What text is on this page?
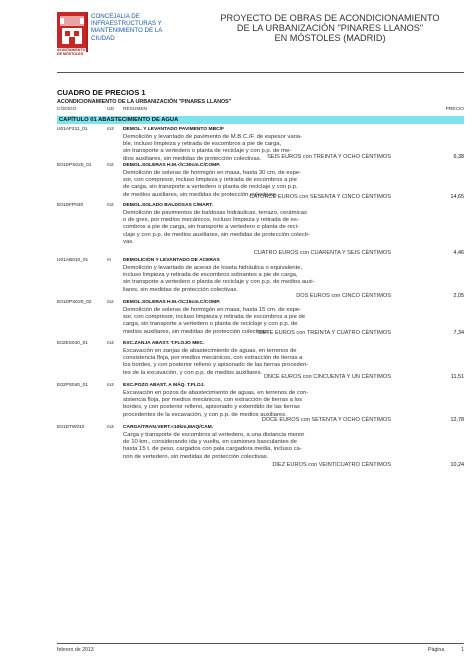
AYUNTAMIENTO DE MÓSTOLES
CONCEJALIA DE INFRAESTRUCTURAS Y MANTENIMIENTO DE LA CIUDAD
PROYECTO DE OBRAS DE ACONDICIONAMIENTO
DE LA URBANIZACIÓN "PINARES LLANOS"
EN MÓSTOLES (MADRID)
CUADRO DE PRECIOS 1
ACONDICIONAMIENTO DE LA URBANIZACIÓN "PINARES LLANOS"
CÓDIGO	UD RESUMEN	PRECIO
CAPÍTULO 01 ABASTECIMIENTO DE AGUA
U01AF211_01	m3 DEMOL. Y LEVANTADO PAVIMENTO MBC/F
Demolición y levantado de pavimento de M.B.C./F. de espesor varia-
ble, incluso limpieza y retirada de escombros a pie de carga,
sin transporte a vertedero o planta de reciclaje y con p.p. de me-
dios auxiliares, sin medidas de protección colectivas.	SEIS EUROS con TREINTA Y OCHO CÉNTIMOS	6,38
E01DPS020_01	m2 DEMOL.SOLERAS H.M.<h=30cm.C/COMP.
Demolición de soleras de hormigón en masa, hasta 30 cm. de espe-
sor, con compresor, incluso limpieza y retirada de escombros a pie
de carga, sin transporte a vertedero o planta de reciclaje y con p.p.
de medios auxiliares, sin medidas de protección colectivas.
CATORCE EUROS con SESENTA Y CINCO CÉNTIMOS	14,65
E01DFP030	m2 DEMOL.SOLADO BALDOSAS C/MART.
Demolición de pavimentos de baldosas hidráulicas, terrazo, cerámicas
o de gres, por medios mecánicos, incluso limpieza y retirada de es-
combros a pie de carga, sin transporte a vertedero o planta de reci-
claje y con p.p. de medios auxiliares, sin medidas de protección colecti-
vas.
CUATRO EUROS con CUARENTA Y SEIS CÉNTIMOS	4,46
U01AB010_01	m DEMOLICIÓN Y LEVANTADO DE ACERAS
Demolición y levantado de aceras de loseta hidráulica o equivalente,
incluso limpieza y retirada de escombros sobrantes a pie de carga,
sin transporte a vertedero o planta de reciclaje y con p.p. de medios auxi-
liares, sin medidas de protección colectivas.
DOS EUROS con CINCO CÉNTIMOS	2,05
E01DPS020_02	m2 DEMOL.SOLERAS H.M.<h=15cm.C/COMP.
Demolición de soleras de hormigón en masa, hasta 15 cm. de espe-
sor, con compresor, incluso limpieza y retirada de escombros a pie de
carga, sin transporte a vertedero o planta de reciclaje y con p.p. de
medios auxiliares, sin medidas de protección colectivas.
SIETE EUROS con TREINTA Y CUATRO CÉNTIMOS	7,34
E02ES040_01	m3 EXC.ZANJA ABAST. T.FLOJO MEC.
Excavación en zanjas de abastecimiento de aguas, en terrenos de
consistencia floja, por medios mecánicos, con extracción de tierras a
los bordes, y con posterior relleno y apisonado de las tierras proceden-
tes de la excavación, y con p.p. de medios auxiliares.
ONCE EUROS con CINCUENTA Y UN CÉNTIMOS	11,51
E02PS040_01	m3 EXC.POZO ABAST. A MÁQ. T.FLOJ.
Excavación en pozos de abastecimiento de aguas, en terrenos de con-
sistencia floja, por medios mecánicos, con extracción de tierras a los
bordes, y con posterior relleno, apisonado y extendido de las tierras
procedentes de la excavación, y con p.p. de medios auxiliares.
DOCE EUROS con SETENTA Y OCHO CÉNTIMOS	12,78
E01DTW010	m3 CARGA/TRAN.VERT.<10km,MAQ/CAM.
Carga y transporte de escombros al vertedero, a una distancia menor
de 10 km., considerando ida y vuelta, en camiones basculantes de
hasta 15 t. de peso, cargados con pala cargadora media, incluso ca-
non de vertedero, sin medidas de protección colectivas.
DIEZ EUROS con VEINTICUATRO CÉNTIMOS	10,24
febrero de 2013	Página	1
